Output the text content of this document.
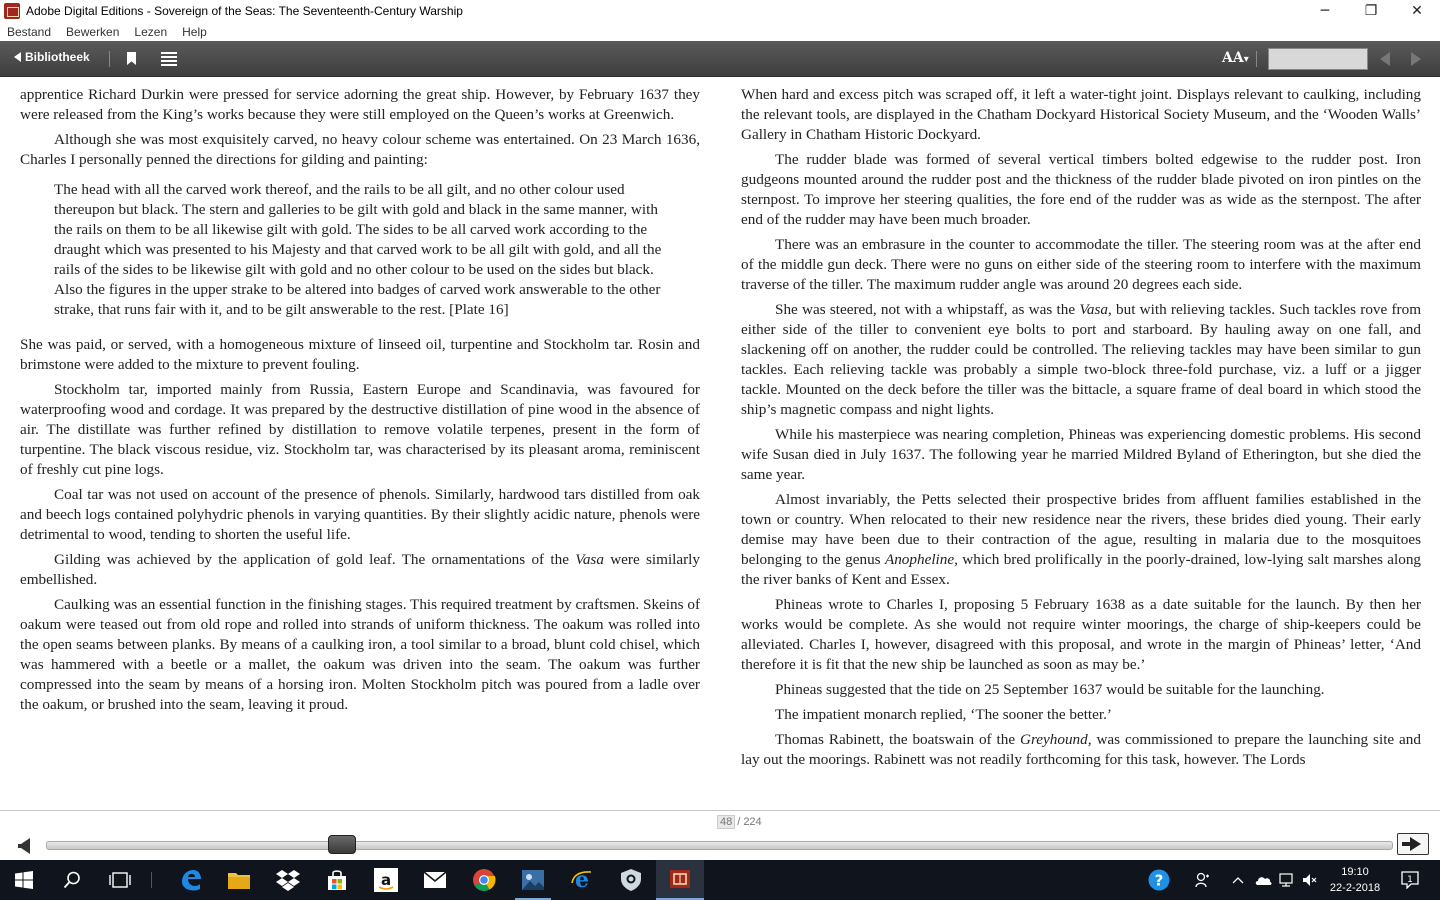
Adobe Digital Editions - Sovereign of the Seas: The Seventeenth-Century Warship	─	❐	✕
Bestand	Bewerken	Lezen	Help
Bibliotheek	AA▾

apprentice Richard Durkin were pressed for service adorning the great ship. However, by February 1637 they were released from the King’s works because they were still employed on the Queen’s works at Greenwich.

Although she was most exquisitely carved, no heavy colour scheme was entertained. On 23 March 1636, Charles I personally penned the directions for gilding and painting:

The head with all the carved work thereof, and the rails to be all gilt, and no other colour used thereupon but black. The stern and galleries to be gilt with gold and black in the same manner, with the rails on them to be all likewise gilt with gold. The sides to be all carved work according to the draught which was presented to his Majesty and that carved work to be all gilt with gold, and all the rails of the sides to be likewise gilt with gold and no other colour to be used on the sides but black. Also the figures in the upper strake to be altered into badges of carved work answerable to the other strake, that runs fair with it, and to be gilt answerable to the rest. [Plate 16]

She was paid, or served, with a homogeneous mixture of linseed oil, turpentine and Stockholm tar. Rosin and brimstone were added to the mixture to prevent fouling.

Stockholm tar, imported mainly from Russia, Eastern Europe and Scandinavia, was favoured for waterproofing wood and cordage. It was prepared by the destructive distillation of pine wood in the absence of air. The distillate was further refined by distillation to remove volatile terpenes, present in the form of turpentine. The black viscous residue, viz. Stockholm tar, was characterised by its pleasant aroma, reminiscent of freshly cut pine logs.

Coal tar was not used on account of the presence of phenols. Similarly, hardwood tars distilled from oak and beech logs contained polyhydric phenols in varying quantities. By their slightly acidic nature, phenols were detrimental to wood, tending to shorten the useful life.

Gilding was achieved by the application of gold leaf. The ornamentations of the Vasa were similarly embellished.

Caulking was an essential function in the finishing stages. This required treatment by craftsmen. Skeins of oakum were teased out from old rope and rolled into strands of uniform thickness. The oakum was rolled into the open seams between planks. By means of a caulking iron, a tool similar to a broad, blunt cold chisel, which was hammered with a beetle or a mallet, the oakum was driven into the seam. The oakum was further compressed into the seam by means of a horsing iron. Molten Stockholm pitch was poured from a ladle over the oakum, or brushed into the seam, leaving it proud.

When hard and excess pitch was scraped off, it left a water-tight joint. Displays relevant to caulking, including the relevant tools, are displayed in the Chatham Dockyard Historical Society Museum, and the ‘Wooden Walls’ Gallery in Chatham Historic Dockyard.

The rudder blade was formed of several vertical timbers bolted edgewise to the rudder post. Iron gudgeons mounted around the rudder post and the thickness of the rudder blade pivoted on iron pintles on the sternpost. To improve her steering qualities, the fore end of the rudder was as wide as the sternpost. The after end of the rudder may have been much broader.

There was an embrasure in the counter to accommodate the tiller. The steering room was at the after end of the middle gun deck. There were no guns on either side of the steering room to interfere with the maximum traverse of the tiller. The maximum rudder angle was around 20 degrees each side.

She was steered, not with a whipstaff, as was the Vasa, but with relieving tackles. Such tackles rove from either side of the tiller to convenient eye bolts to port and starboard. By hauling away on one fall, and slackening off on another, the rudder could be controlled. The relieving tackles may have been similar to gun tackles. Each relieving tackle was probably a simple two-block three-fold purchase, viz. a luff or a jigger tackle. Mounted on the deck before the tiller was the bittacle, a square frame of deal board in which stood the ship’s magnetic compass and night lights.

While his masterpiece was nearing completion, Phineas was experiencing domestic problems. His second wife Susan died in July 1637. The following year he married Mildred Byland of Etherington, but she died the same year.

Almost invariably, the Petts selected their prospective brides from affluent families established in the town or country. When relocated to their new residence near the rivers, these brides died young. Their early demise may have been due to their contraction of the ague, resulting in malaria due to the mosquitoes belonging to the genus Anopheline, which bred prolifically in the poorly-drained, low-lying salt marshes along the river banks of Kent and Essex.

Phineas wrote to Charles I, proposing 5 February 1638 as a date suitable for the launch. By then her works would be complete. As she would not require winter moorings, the charge of ship-keepers could be alleviated. Charles I, however, disagreed with this proposal, and wrote in the margin of Phineas’ letter, ‘And therefore it is fit that the new ship be launched as soon as may be.’

Phineas suggested that the tide on 25 September 1637 would be suitable for the launching.

The impatient monarch replied, ‘The sooner the better.’

Thomas Rabinett, the boatswain of the Greyhound, was commissioned to prepare the launching site and lay out the moorings. Rabinett was not readily forthcoming for this task, however. The Lords

48 / 224
a	e	?	19:10
22-2-2018
1
